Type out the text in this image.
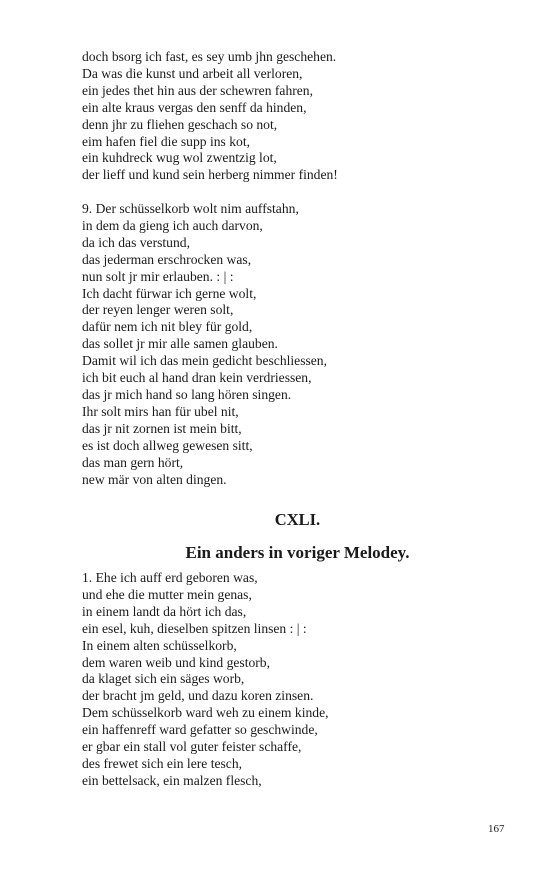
doch bsorg ich fast, es sey umb jhn geschehen.
Da was die kunst und arbeit all verloren,
ein jedes thet hin aus der schewren fahren,
ein alte kraus vergas den senff da hinden,
denn jhr zu fliehen geschach so not,
eim hafen fiel die supp ins kot,
ein kuhdreck wug wol zwentzig lot,
der lieff und kund sein herberg nimmer finden!
9. Der schüsselkorb wolt nim auffstahn,
in dem da gieng ich auch darvon,
da ich das verstund,
das jederman erschrocken was,
nun solt jr mir erlauben. : | :
Ich dacht fürwar ich gerne wolt,
der reyen lenger weren solt,
dafür nem ich nit bley für gold,
das sollet jr mir alle samen glauben.
Damit wil ich das mein gedicht beschliessen,
ich bit euch al hand dran kein verdriessen,
das jr mich hand so lang hören singen.
Ihr solt mirs han für ubel nit,
das jr nit zornen ist mein bitt,
es ist doch allweg gewesen sitt,
das man gern hört,
new mär von alten dingen.
CXLI.
Ein anders in voriger Melodey.
1. Ehe ich auff erd geboren was,
und ehe die mutter mein genas,
in einem landt da hört ich das,
ein esel, kuh, dieselben spitzen linsen : | :
In einem alten schüsselkorb,
dem waren weib und kind gestorb,
da klaget sich ein säges worb,
der bracht jm geld, und dazu koren zinsen.
Dem schüsselkorb ward weh zu einem kinde,
ein haffenreff ward gefatter so geschwinde,
er gbar ein stall vol guter feister schaffe,
des frewet sich ein lere tesch,
ein bettelsack, ein malzen flesch,
167
